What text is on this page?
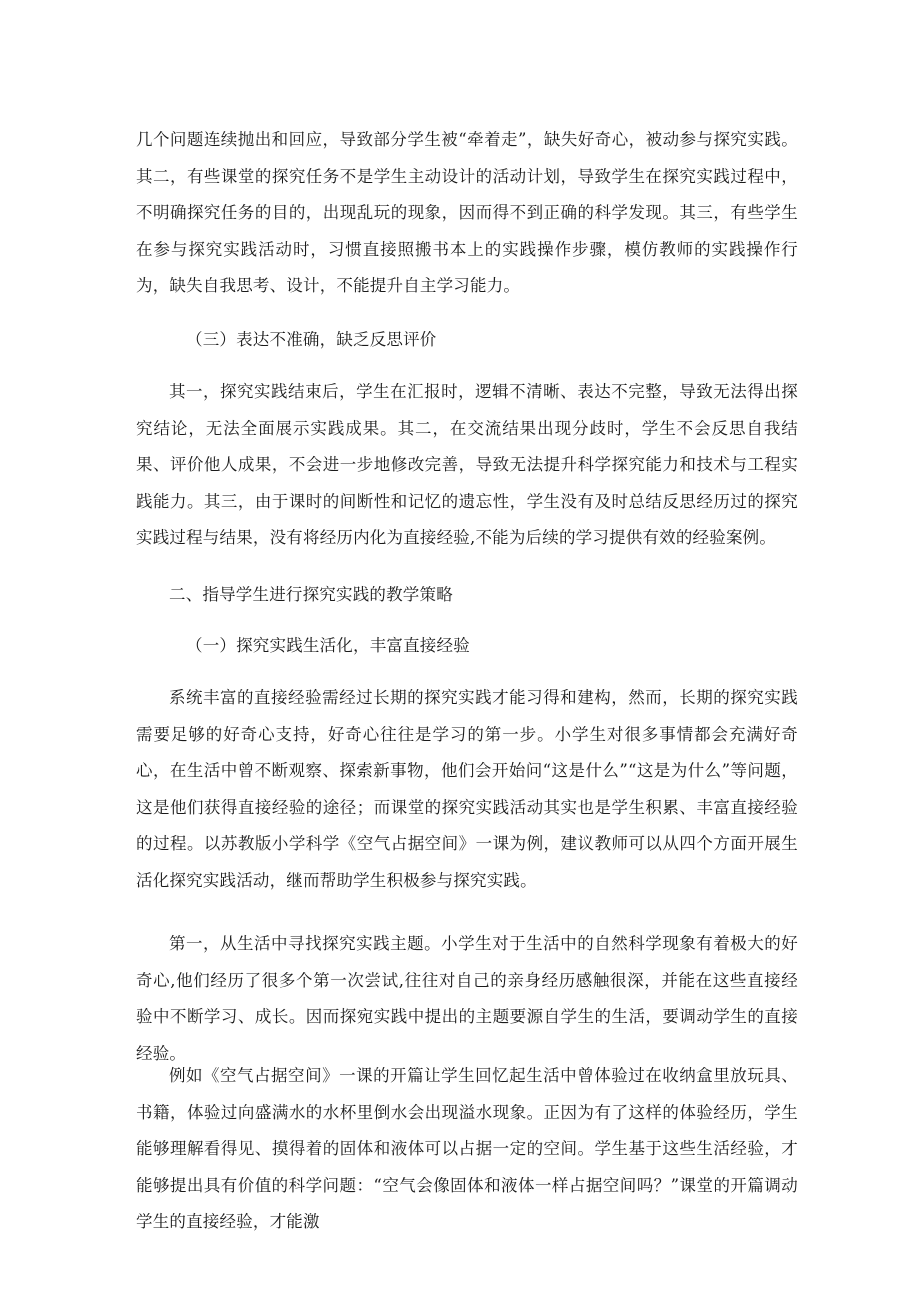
几个问题连续抛出和回应，导致部分学生被“牵着走”，缺失好奇心，被动参与探究实践。其二，有些课堂的探究任务不是学生主动设计的活动计划，导致学生在探究实践过程中，不明确探究任务的目的，出现乱玩的现象，因而得不到正确的科学发现。其三，有些学生在参与探究实践活动时，习惯直接照搬书本上的实践操作步骤，模仿教师的实践操作行为，缺失自我思考、设计，不能提升自主学习能力。

（三）表达不准确，缺乏反思评价

其一，探究实践结束后，学生在汇报时，逻辑不清晰、表达不完整，导致无法得出探究结论，无法全面展示实践成果。其二，在交流结果出现分歧时，学生不会反思自我结果、评价他人成果，不会进一步地修改完善，导致无法提升科学探究能力和技术与工程实践能力。其三，由于课时的间断性和记忆的遗忘性，学生没有及时总结反思经历过的探究实践过程与结果，没有将经历内化为直接经验,不能为后续的学习提供有效的经验案例。

二、指导学生进行探究实践的教学策略

（一）探究实践生活化，丰富直接经验

系统丰富的直接经验需经过长期的探究实践才能习得和建构，然而，长期的探究实践需要足够的好奇心支持，好奇心往往是学习的第一步。小学生对很多事情都会充满好奇心，在生活中曾不断观察、探索新事物，他们会开始问“这是什么”“这是为什么”等问题，这是他们获得直接经验的途径；而课堂的探究实践活动其实也是学生积累、丰富直接经验的过程。以苏教版小学科学《空气占据空间》一课为例，建议教师可以从四个方面开展生活化探究实践活动，继而帮助学生积极参与探究实践。

第一，从生活中寻找探究实践主题。小学生对于生活中的自然科学现象有着极大的好奇心,他们经历了很多个第一次尝试,往往对自己的亲身经历感触很深，并能在这些直接经验中不断学习、成长。因而探宛实践中提出的主题要源自学生的生活，要调动学生的直接经验。

例如《空气占据空间》一课的开篇让学生回忆起生活中曾体验过在收纳盒里放玩具、书籍，体验过向盛满水的水杯里倒水会出现溢水现象。正因为有了这样的体验经历，学生能够理解看得见、摸得着的固体和液体可以占据一定的空间。学生基于这些生活经验，才能够提出具有价值的科学问题：“空气会像固体和液体一样占据空间吗？”课堂的开篇调动学生的直接经验，才能激
